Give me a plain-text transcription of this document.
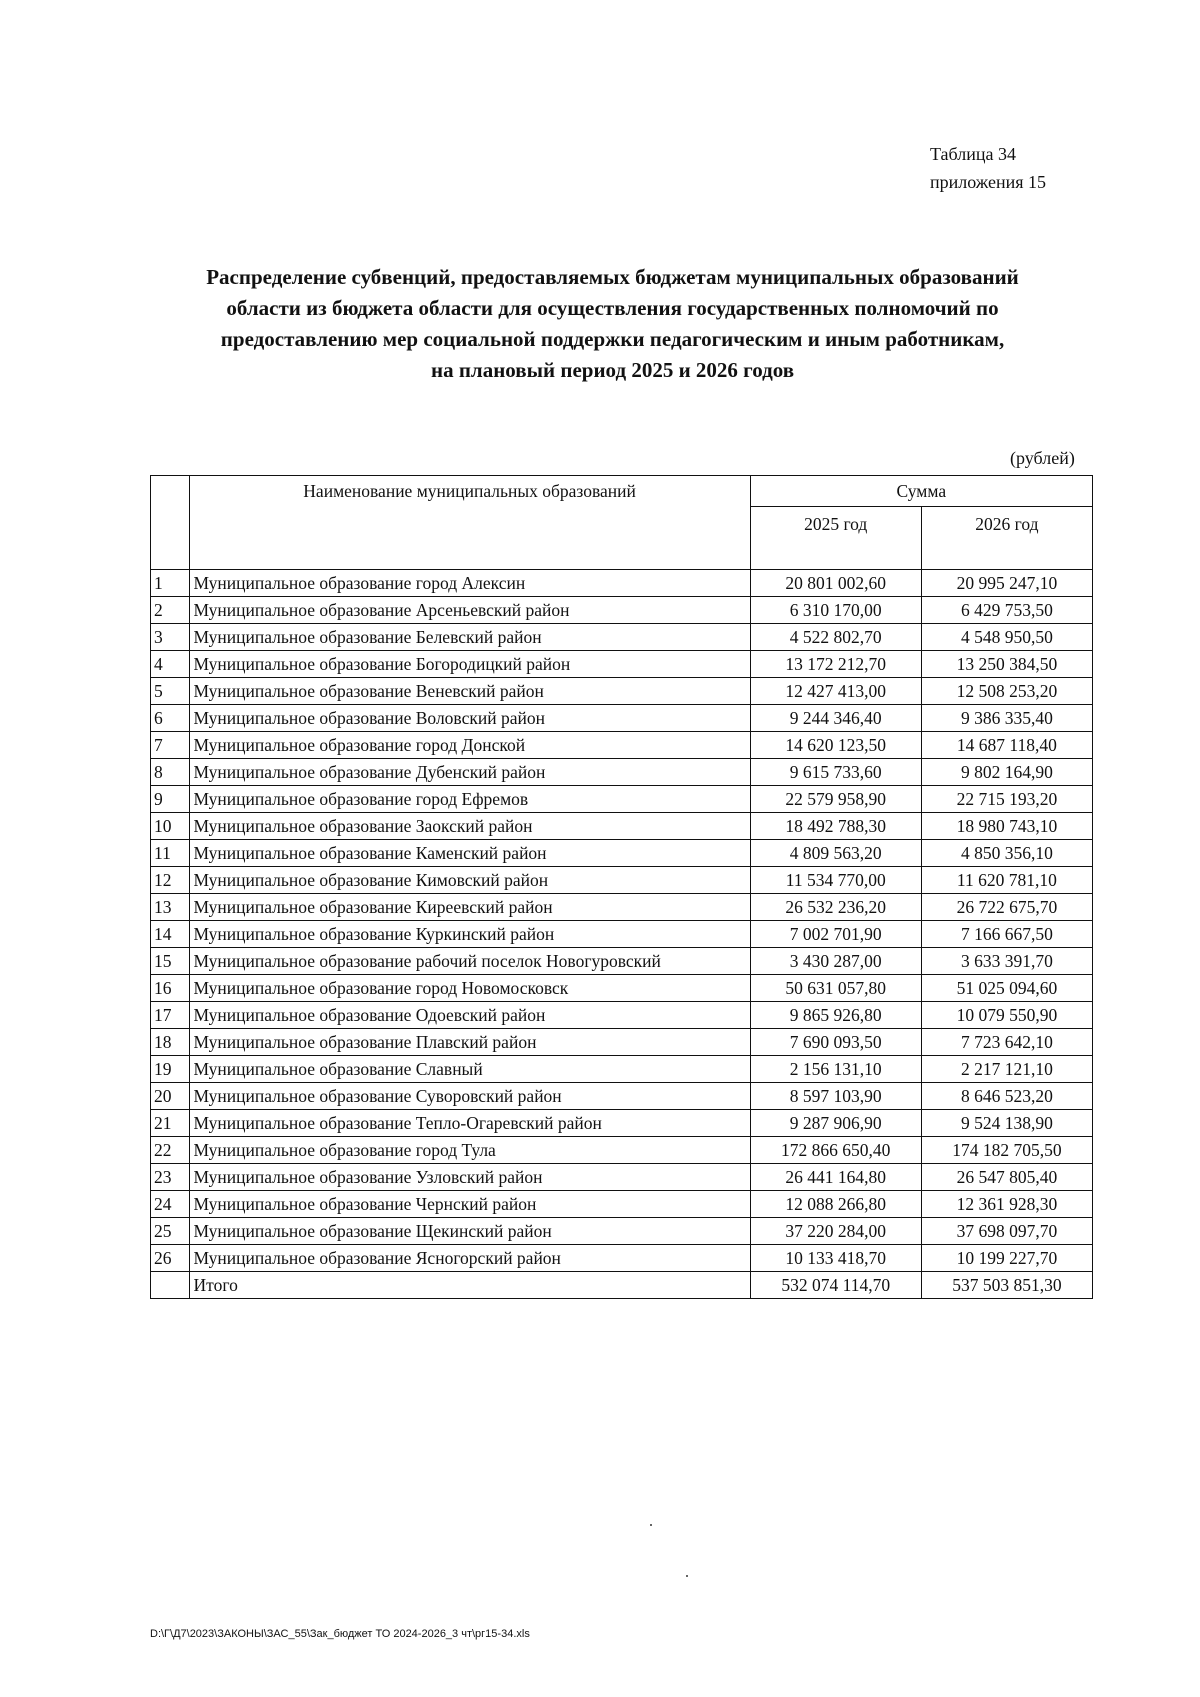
Таблица 34
приложения 15
Распределение субвенций, предоставляемых бюджетам муниципальных образований
области из бюджета области для осуществления государственных полномочий по
предоставлению мер социальной поддержки педагогическим и иным работникам,
на плановый период 2025 и 2026 годов
(рублей)
	Наименование муниципальных образований	Сумма	
		2025 год	2026 год
1	Муниципальное образование город Алексин	20 801 002,60	20 995 247,10
2	Муниципальное образование Арсеньевский район	6 310 170,00	6 429 753,50
3	Муниципальное образование Белевский район	4 522 802,70	4 548 950,50
4	Муниципальное образование Богородицкий район	13 172 212,70	13 250 384,50
5	Муниципальное образование Веневский район	12 427 413,00	12 508 253,20
6	Муниципальное образование Воловский район	9 244 346,40	9 386 335,40
7	Муниципальное образование город Донской	14 620 123,50	14 687 118,40
8	Муниципальное образование Дубенский район	9 615 733,60	9 802 164,90
9	Муниципальное образование город Ефремов	22 579 958,90	22 715 193,20
10	Муниципальное образование Заокский район	18 492 788,30	18 980 743,10
11	Муниципальное образование Каменский район	4 809 563,20	4 850 356,10
12	Муниципальное образование Кимовский район	11 534 770,00	11 620 781,10
13	Муниципальное образование Киреевский район	26 532 236,20	26 722 675,70
14	Муниципальное образование Куркинский район	7 002 701,90	7 166 667,50
15	Муниципальное образование рабочий поселок Новогуровский	3 430 287,00	3 633 391,70
16	Муниципальное образование город Новомосковск	50 631 057,80	51 025 094,60
17	Муниципальное образование Одоевский район	9 865 926,80	10 079 550,90
18	Муниципальное образование Плавский район	7 690 093,50	7 723 642,10
19	Муниципальное образование Славный	2 156 131,10	2 217 121,10
20	Муниципальное образование Суворовский район	8 597 103,90	8 646 523,20
21	Муниципальное образование Тепло-Огаревский район	9 287 906,90	9 524 138,90
22	Муниципальное образование город Тула	172 866 650,40	174 182 705,50
23	Муниципальное образование Узловский район	26 441 164,80	26 547 805,40
24	Муниципальное образование Чернский район	12 088 266,80	12 361 928,30
25	Муниципальное образование Щекинский район	37 220 284,00	37 698 097,70
26	Муниципальное образование Ясногорский район	10 133 418,70	10 199 227,70
	Итого	532 074 114,70	537 503 851,30
D:\Г\Д7\2023\ЗАКОНЫ\ЗАС_55\Зак_бюджет ТО 2024-2026_3 чт\рг15-34.xls
